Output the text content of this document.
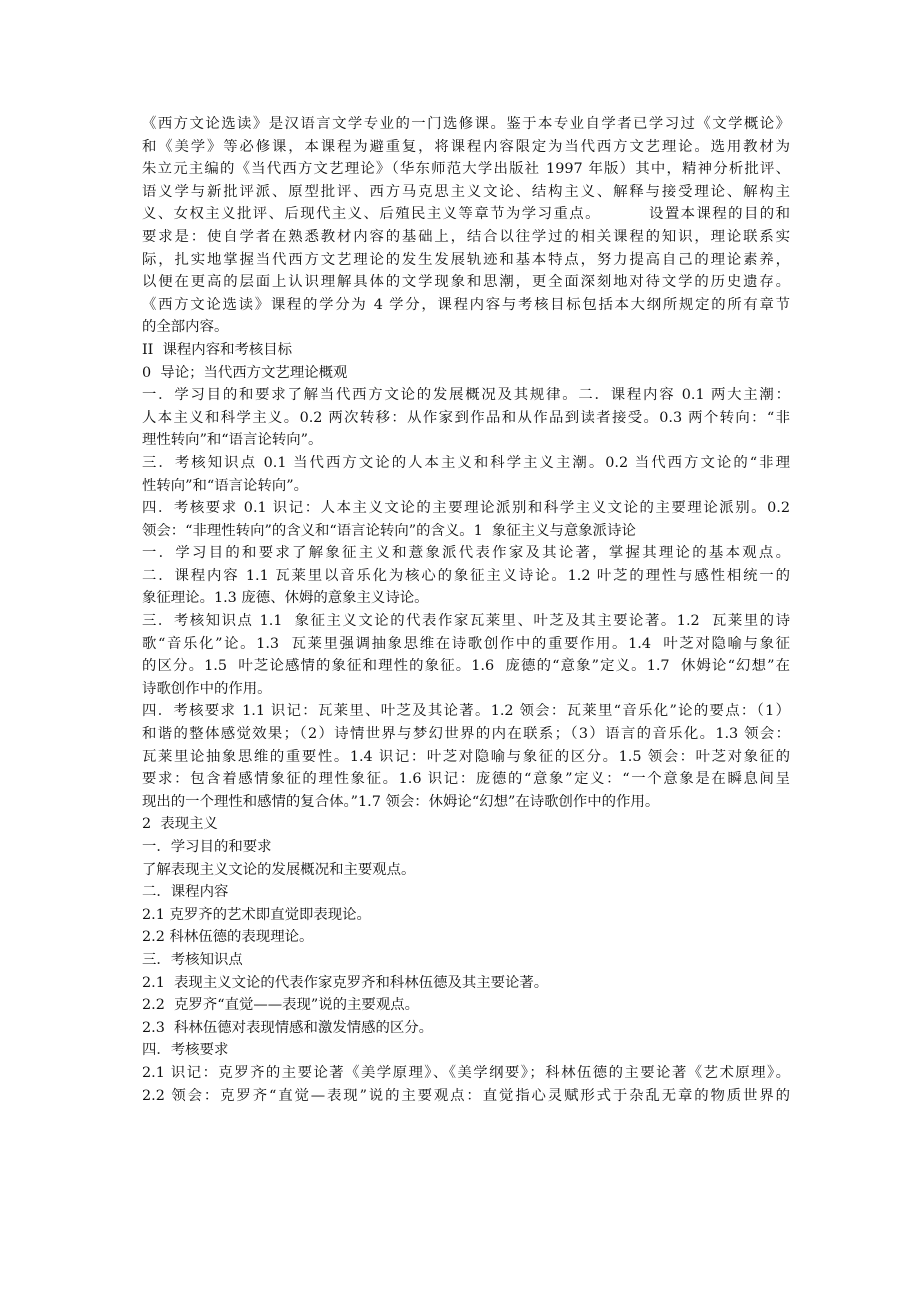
《西方文论选读》是汉语言文学专业的一门选修课。鉴于本专业自学者已学习过《文学概论》
和《美学》等必修课，本课程为避重复，将课程内容限定为当代西方文艺理论。选用教材为
朱立元主编的《当代西方文艺理论》（华东师范大学出版社 1997 年版）其中，精神分析批评、
语义学与新批评派、原型批评、西方马克思主义文论、结构主义、解释与接受理论、解构主
义、女权主义批评、后现代主义、后殖民主义等章节为学习重点。        设置本课程的目的和
要求是：使自学者在熟悉教材内容的基础上，结合以往学过的相关课程的知识，理论联系实
际，扎实地掌握当代西方文艺理论的发生发展轨迹和基本特点，努力提高自己的理论素养，
以便在更高的层面上认识理解具体的文学现象和思潮，更全面深刻地对待文学的历史遗存。
《西方文论选读》课程的学分为 4 学分，课程内容与考核目标包括本大纲所规定的所有章节
的全部内容。
II  课程内容和考核目标
0  导论；当代西方文艺理论概观
一．学习目的和要求了解当代西方文论的发展概况及其规律。二．课程内容 0.1 两大主潮：
人本主义和科学主义。0.2 两次转移：从作家到作品和从作品到读者接受。0.3 两个转向：“非
理性转向”和“语言论转向”。
三．考核知识点 0.1 当代西方文论的人本主义和科学主义主潮。0.2 当代西方文论的“非理
性转向”和“语言论转向”。
四．考核要求 0.1 识记：人本主义文论的主要理论派别和科学主义文论的主要理论派别。0.2
领会：“非理性转向”的含义和“语言论转向”的含义。1  象征主义与意象派诗论
一．学习目的和要求了解象征主义和薏象派代表作家及其论著，掌握其理论的基本观点。
二．课程内容 1.1 瓦莱里以音乐化为核心的象征主义诗论。1.2 叶芝的理性与感性相统一的
象征理论。1.3 庞德、休姆的意象主义诗论。
三．考核知识点 1.1  象征主义文论的代表作家瓦莱里、叶芝及其主要论著。1.2  瓦莱里的诗
歌“音乐化”论。1.3  瓦莱里强调抽象思维在诗歌创作中的重要作用。1.4  叶芝对隐喻与象征
的区分。1.5  叶芝论感情的象征和理性的象征。1.6  庞德的“意象”定义。1.7  休姆论“幻想”在
诗歌创作中的作用。
四．考核要求 1.1 识记：瓦莱里、叶芝及其论著。1.2 领会：瓦莱里“音乐化”论的要点：（1）
和谐的整体感觉效果；（2）诗情世界与梦幻世界的内在联系；（3）语言的音乐化。1.3 领会：
瓦莱里论抽象思维的重要性。1.4 识记：叶芝对隐喻与象征的区分。1.5 领会：叶芝对象征的
要求：包含着感情象征的理性象征。1.6 识记：庞德的“意象”定义：“一个意象是在瞬息间呈
现出的一个理性和感情的复合体。”1.7 领会：休姆论“幻想”在诗歌创作中的作用。
2  表现主义
一．学习目的和要求
了解表现主义文论的发展概况和主要观点。
二．课程内容
2.1 克罗齐的艺术即直觉即表现论。
2.2 科林伍德的表现理论。
三．考核知识点
2.1  表现主义文论的代表作家克罗齐和科林伍德及其主要论著。
2.2  克罗齐“直觉——表现”说的主要观点。
2.3  科林伍德对表现情感和激发情感的区分。
四．考核要求
2.1 识记：克罗齐的主要论著《美学原理》、《美学纲要》；科林伍德的主要论著《艺术原理》。
2.2 领会：克罗齐“直觉—表现”说的主要观点：直觉指心灵赋形式于杂乱无章的物质世界的
